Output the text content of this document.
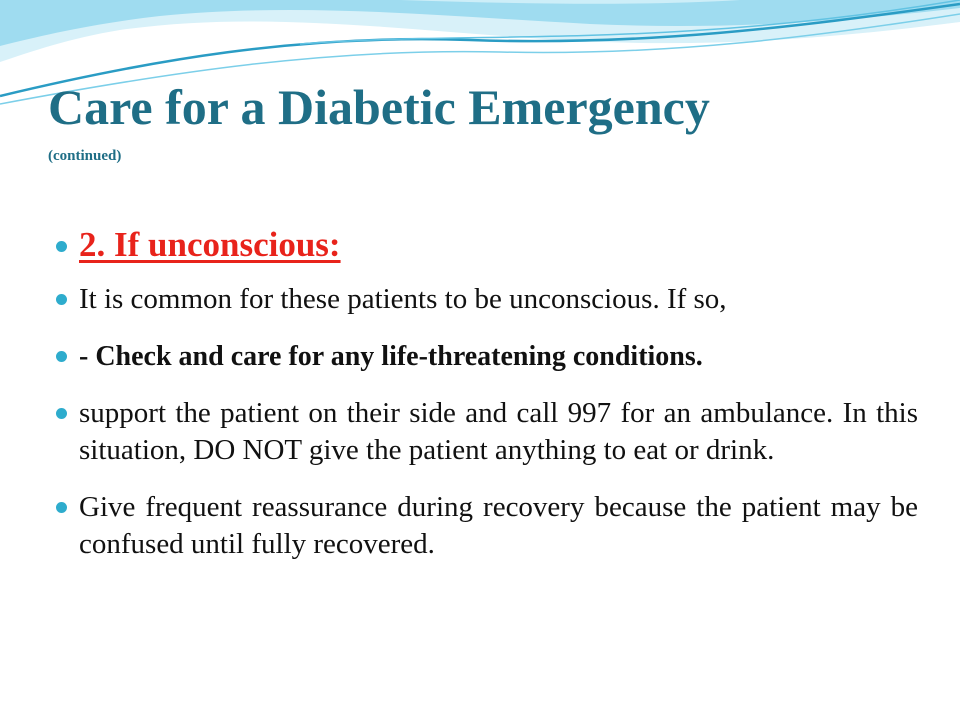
Care for a Diabetic Emergency
(continued)
2. If unconscious:
It is common for these patients to be unconscious. If so,
- Check and care for any life-threatening conditions.
support the patient on their side and call 997 for an ambulance. In this situation, DO NOT give the patient anything to eat or drink.
Give frequent reassurance during recovery because the patient may be confused until fully recovered.
